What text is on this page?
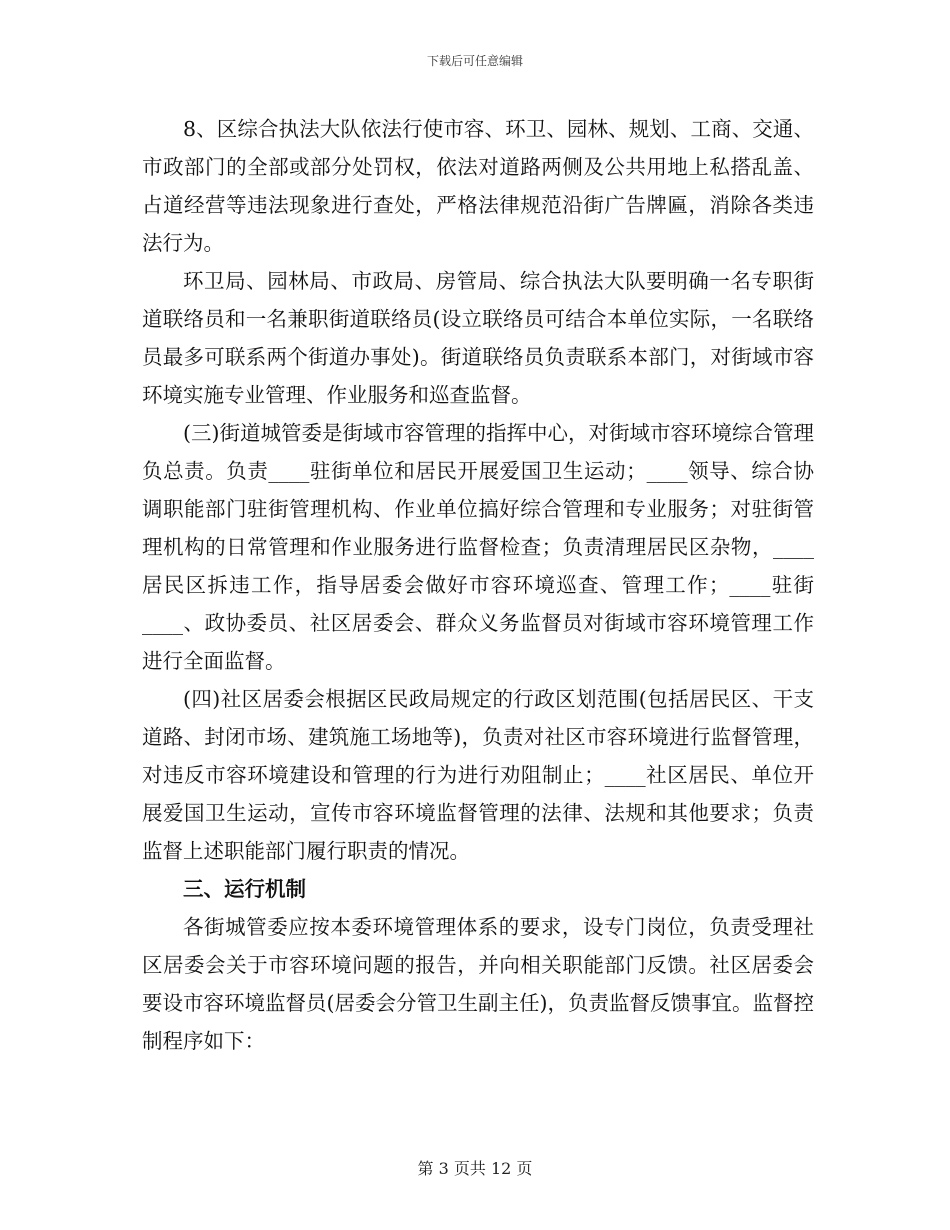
下载后可任意编辑

8、区综合执法大队依法行使市容、环卫、园林、规划、工商、交通、市政部门的全部或部分处罚权，依法对道路两侧及公共用地上私搭乱盖、占道经营等违法现象进行查处，严格法律规范沿街广告牌匾，消除各类违法行为。

环卫局、园林局、市政局、房管局、综合执法大队要明确一名专职街道联络员和一名兼职街道联络员(设立联络员可结合本单位实际，一名联络员最多可联系两个街道办事处)。街道联络员负责联系本部门，对街域市容环境实施专业管理、作业服务和巡查监督。

(三)街道城管委是街域市容管理的指挥中心，对街域市容环境综合管理负总责。负责____驻街单位和居民开展爱国卫生运动；____领导、综合协调职能部门驻街管理机构、作业单位搞好综合管理和专业服务；对驻街管理机构的日常管理和作业服务进行监督检查；负责清理居民区杂物，____居民区拆违工作，指导居委会做好市容环境巡查、管理工作；____驻街____、政协委员、社区居委会、群众义务监督员对街域市容环境管理工作进行全面监督。

(四)社区居委会根据区民政局规定的行政区划范围(包括居民区、干支道路、封闭市场、建筑施工场地等)，负责对社区市容环境进行监督管理，对违反市容环境建设和管理的行为进行劝阻制止；____社区居民、单位开展爱国卫生运动，宣传市容环境监督管理的法律、法规和其他要求；负责监督上述职能部门履行职责的情况。

三、运行机制

各街城管委应按本委环境管理体系的要求，设专门岗位，负责受理社区居委会关于市容环境问题的报告，并向相关职能部门反馈。社区居委会要设市容环境监督员(居委会分管卫生副主任)，负责监督反馈事宜。监督控制程序如下：

第 3 页共 12 页
